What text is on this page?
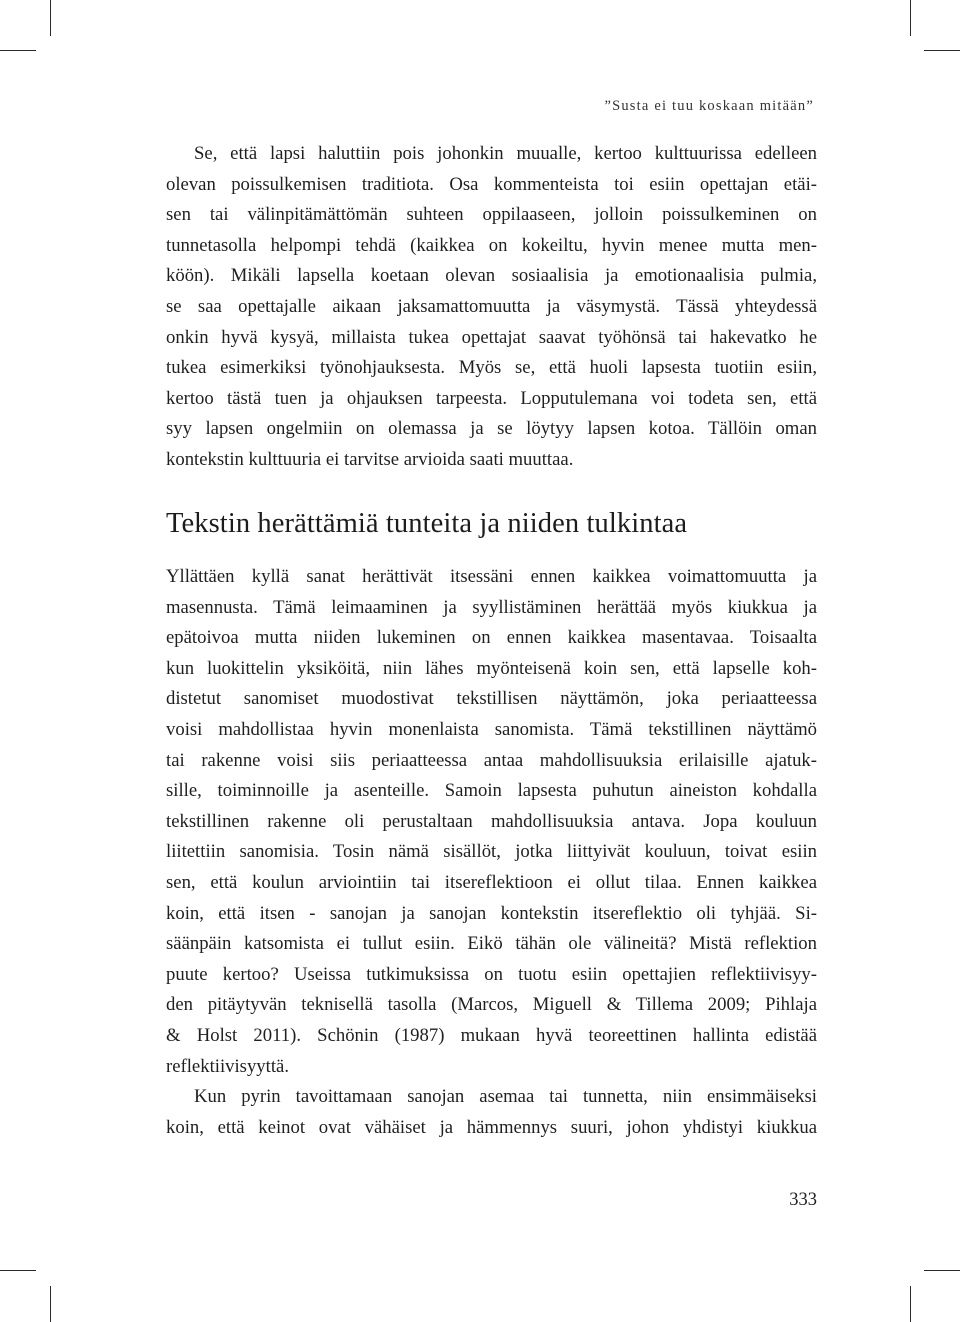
”Susta ei tuu koskaan mitään”
Se, että lapsi haluttiin pois johonkin muualle, kertoo kulttuurissa edelleen
olevan poissulkemisen traditiota. Osa kommenteista toi esiin opettajan etäi-
sen tai välinpitämättömän suhteen oppilaaseen, jolloin poissulkeminen on
tunnetasolla helpompi tehdä (kaikkea on kokeiltu, hyvin menee mutta men-
köön). Mikäli lapsella koetaan olevan sosiaalisia ja emotionaalisia pulmia,
se saa opettajalle aikaan jaksamattomuutta ja väsymystä. Tässä yhteydessä
onkin hyvä kysyä, millaista tukea opettajat saavat työhönsä tai hakevatko he
tukea esimerkiksi työnohjauksesta. Myös se, että huoli lapsesta tuotiin esiin,
kertoo tästä tuen ja ohjauksen tarpeesta. Lopputulemana voi todeta sen, että
syy lapsen ongelmiin on olemassa ja se löytyy lapsen kotoa. Tällöin oman
kontekstin kulttuuria ei tarvitse arvioida saati muuttaa.
Tekstin herättämiä tunteita ja niiden tulkintaa
Yllättäen kyllä sanat herättivät itsessäni ennen kaikkea voimattomuutta ja
masennusta. Tämä leimaaminen ja syyllistäminen herättää myös kiukkua ja
epätoivoa mutta niiden lukeminen on ennen kaikkea masentavaa. Toisaalta
kun luokittelin yksiköitä, niin lähes myönteisenä koin sen, että lapselle koh-
distetut sanomiset muodostivat tekstillisen näyttämön, joka periaatteessa
voisi mahdollistaa hyvin monenlaista sanomista. Tämä tekstillinen näyttämö
tai rakenne voisi siis periaatteessa antaa mahdollisuuksia erilaisille ajatuk-
sille, toiminnoille ja asenteille. Samoin lapsesta puhutun aineiston kohdalla
tekstillinen rakenne oli perustaltaan mahdollisuuksia antava. Jopa kouluun
liitettiin sanomisia. Tosin nämä sisällöt, jotka liittyivät kouluun, toivat esiin
sen, että koulun arviointiin tai itsereflektioon ei ollut tilaa. Ennen kaikkea
koin, että itsen - sanojan ja sanojan kontekstin itsereflektio oli tyhjää. Si-
säänpäin katsomista ei tullut esiin. Eikö tähän ole välineitä? Mistä reflektion
puute kertoo? Useissa tutkimuksissa on tuotu esiin opettajien reflektiivisyy-
den pitäytyvän teknisellä tasolla (Marcos, Miguell & Tillema 2009; Pihlaja
& Holst 2011). Schönin (1987) mukaan hyvä teoreettinen hallinta edistää
reflektiivisyyttä.
Kun pyrin tavoittamaan sanojan asemaa tai tunnetta, niin ensimmäiseksi
koin, että keinot ovat vähäiset ja hämmennys suuri, johon yhdistyi kiukkua
333
